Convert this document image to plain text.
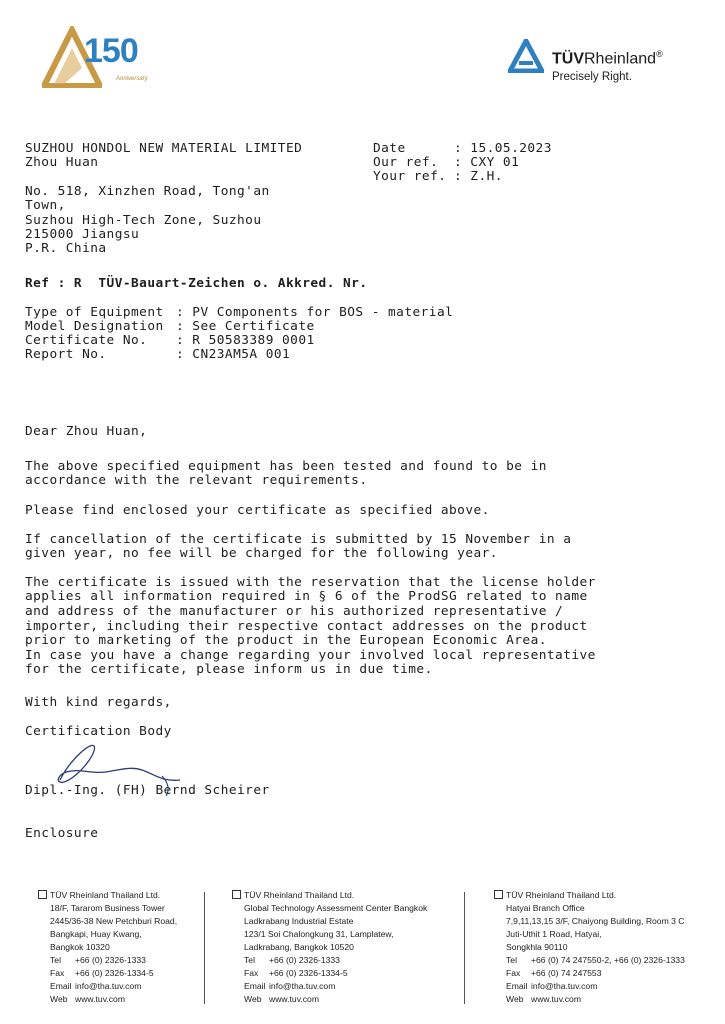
150
Anniversary
TÜVRheinland®
Precisely Right.
SUZHOU HONDOL NEW MATERIAL LIMITED
Zhou Huan
No. 518, Xinzhen Road, Tong'an
Town,
Suzhou High-Tech Zone, Suzhou
215000 Jiangsu
P.R. China
Date : 15.05.2023
Our ref. : CXY 01
Your ref. : Z.H.
Ref : R  TÜV-Bauart-Zeichen o. Akkred. Nr.
Type of Equipment : PV Components for BOS - material
Model Designation : See Certificate
Certificate No. : R 50583389 0001
Report No. : CN23AM5A 001
Dear Zhou Huan,
The above specified equipment has been tested and found to be in
accordance with the relevant requirements.
Please find enclosed your certificate as specified above.
If cancellation of the certificate is submitted by 15 November in a
given year, no fee will be charged for the following year.
The certificate is issued with the reservation that the license holder
applies all information required in § 6 of the ProdSG related to name
and address of the manufacturer or his authorized representative /
importer, including their respective contact addresses on the product
prior to marketing of the product in the European Economic Area.
In case you have a change regarding your involved local representative
for the certificate, please inform us in due time.
With kind regards,
Certification Body
Dipl.-Ing. (FH) Bernd Scheirer
Enclosure
TÜV Rheinland Thailand Ltd.
18/F, Tararom Business Tower
2445/36-38 New Petchburi Road,
Bangkapi, Huay Kwang,
Bangkok 10320
Tel +66 (0) 2326-1333
Fax +66 (0) 2326-1334-5
Email info@tha.tuv.com
Web www.tuv.com
TÜV Rheinland Thailand Ltd.
Global Technology Assessment Center Bangkok
Ladkrabang Industrial Estate
123/1 Soi Chalongkung 31, Lamplatew,
Ladkrabang, Bangkok 10520
Tel +66 (0) 2326-1333
Fax +66 (0) 2326-1334-5
Email info@tha.tuv.com
Web www.tuv.com
TÜV Rheinland Thailand Ltd.
Hatyai Branch Office
7,9,11,13,15 3/F, Chaiyong Building, Room 3 C
Juti-Uthit 1 Road, Hatyai,
Songkhla 90110
Tel +66 (0) 74 247550-2, +66 (0) 2326-1333
Fax +66 (0) 74 247553
Email info@tha.tuv.com
Web www.tuv.com
